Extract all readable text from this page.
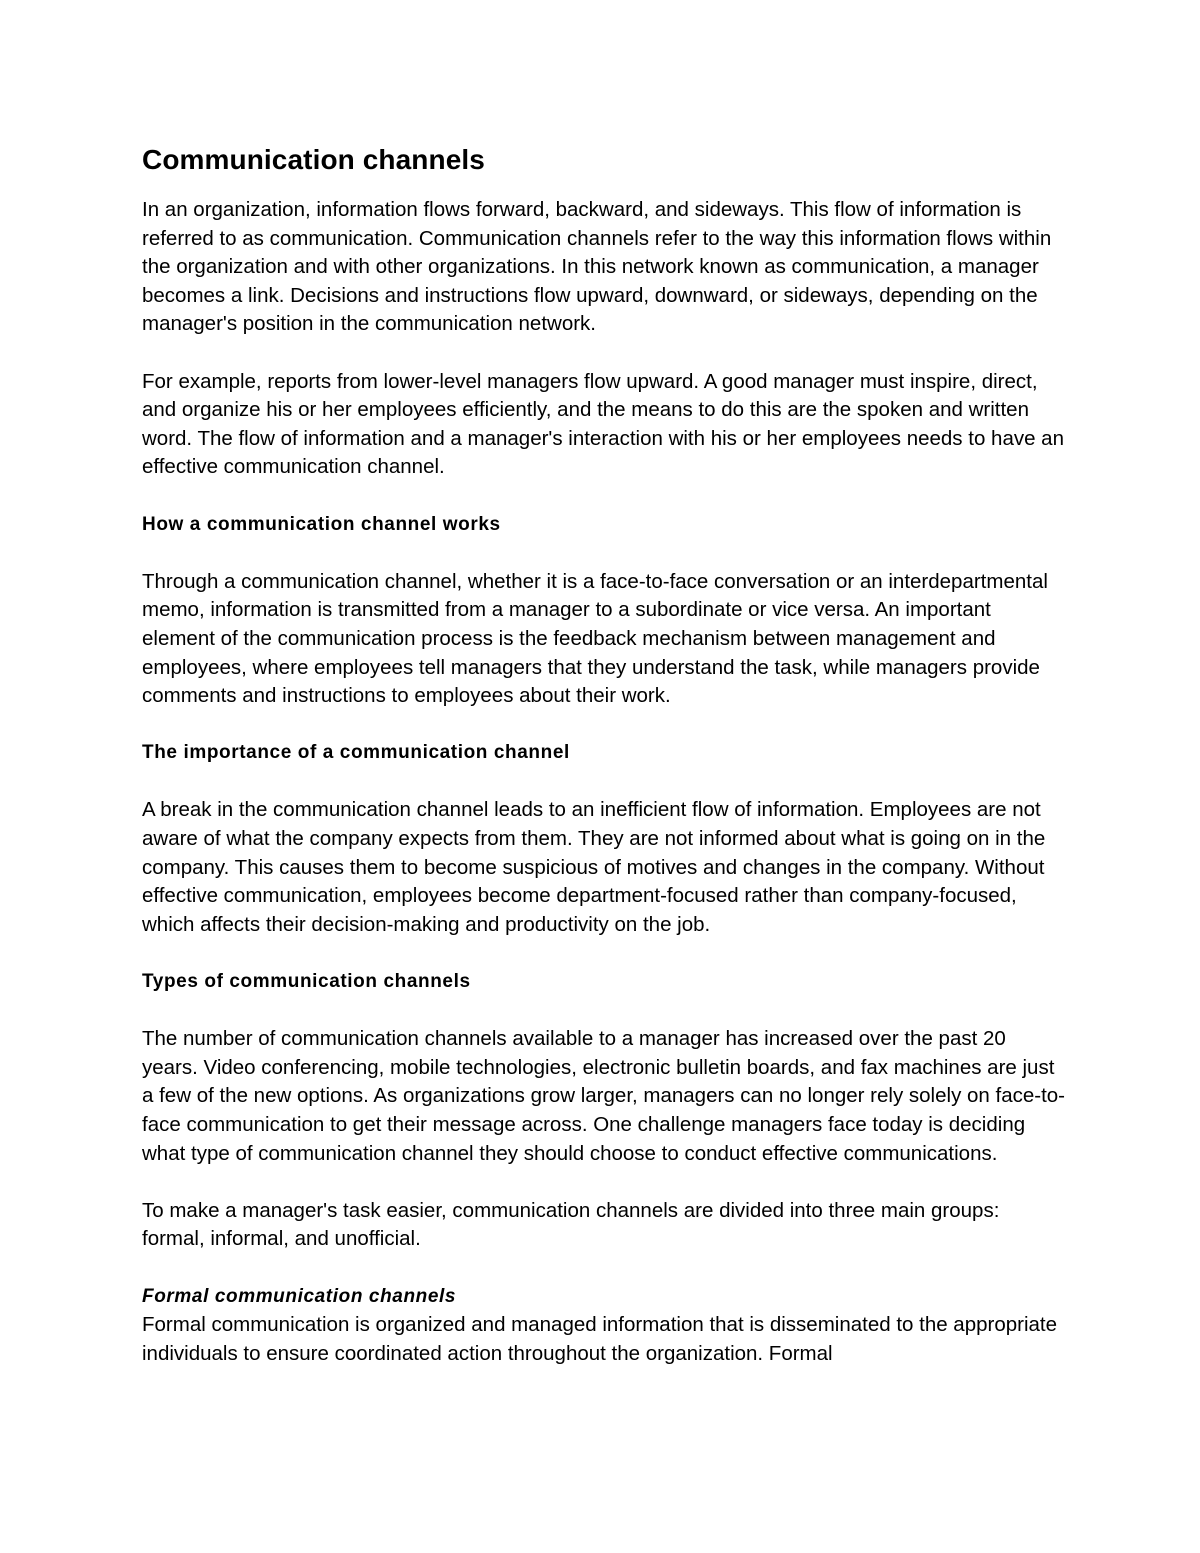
Communication channels

In an organization, information flows forward, backward, and sideways. This flow of information is referred to as communication. Communication channels refer to the way this information flows within the organization and with other organizations. In this network known as communication, a manager becomes a link. Decisions and instructions flow upward, downward, or sideways, depending on the manager's position in the communication network.

For example, reports from lower-level managers flow upward. A good manager must inspire, direct, and organize his or her employees efficiently, and the means to do this are the spoken and written word. The flow of information and a manager's interaction with his or her employees needs to have an effective communication channel.

How a communication channel works

Through a communication channel, whether it is a face-to-face conversation or an interdepartmental memo, information is transmitted from a manager to a subordinate or vice versa. An important element of the communication process is the feedback mechanism between management and employees, where employees tell managers that they understand the task, while managers provide comments and instructions to employees about their work.

The importance of a communication channel

A break in the communication channel leads to an inefficient flow of information. Employees are not aware of what the company expects from them. They are not informed about what is going on in the company. This causes them to become suspicious of motives and changes in the company. Without effective communication, employees become department-focused rather than company-focused, which affects their decision-making and productivity on the job.

Types of communication channels

The number of communication channels available to a manager has increased over the past 20 years. Video conferencing, mobile technologies, electronic bulletin boards, and fax machines are just a few of the new options. As organizations grow larger, managers can no longer rely solely on face-to-face communication to get their message across. One challenge managers face today is deciding what type of communication channel they should choose to conduct effective communications.

To make a manager's task easier, communication channels are divided into three main groups: formal, informal, and unofficial.

Formal communication channels

Formal communication is organized and managed information that is disseminated to the appropriate individuals to ensure coordinated action throughout the organization. Formal
